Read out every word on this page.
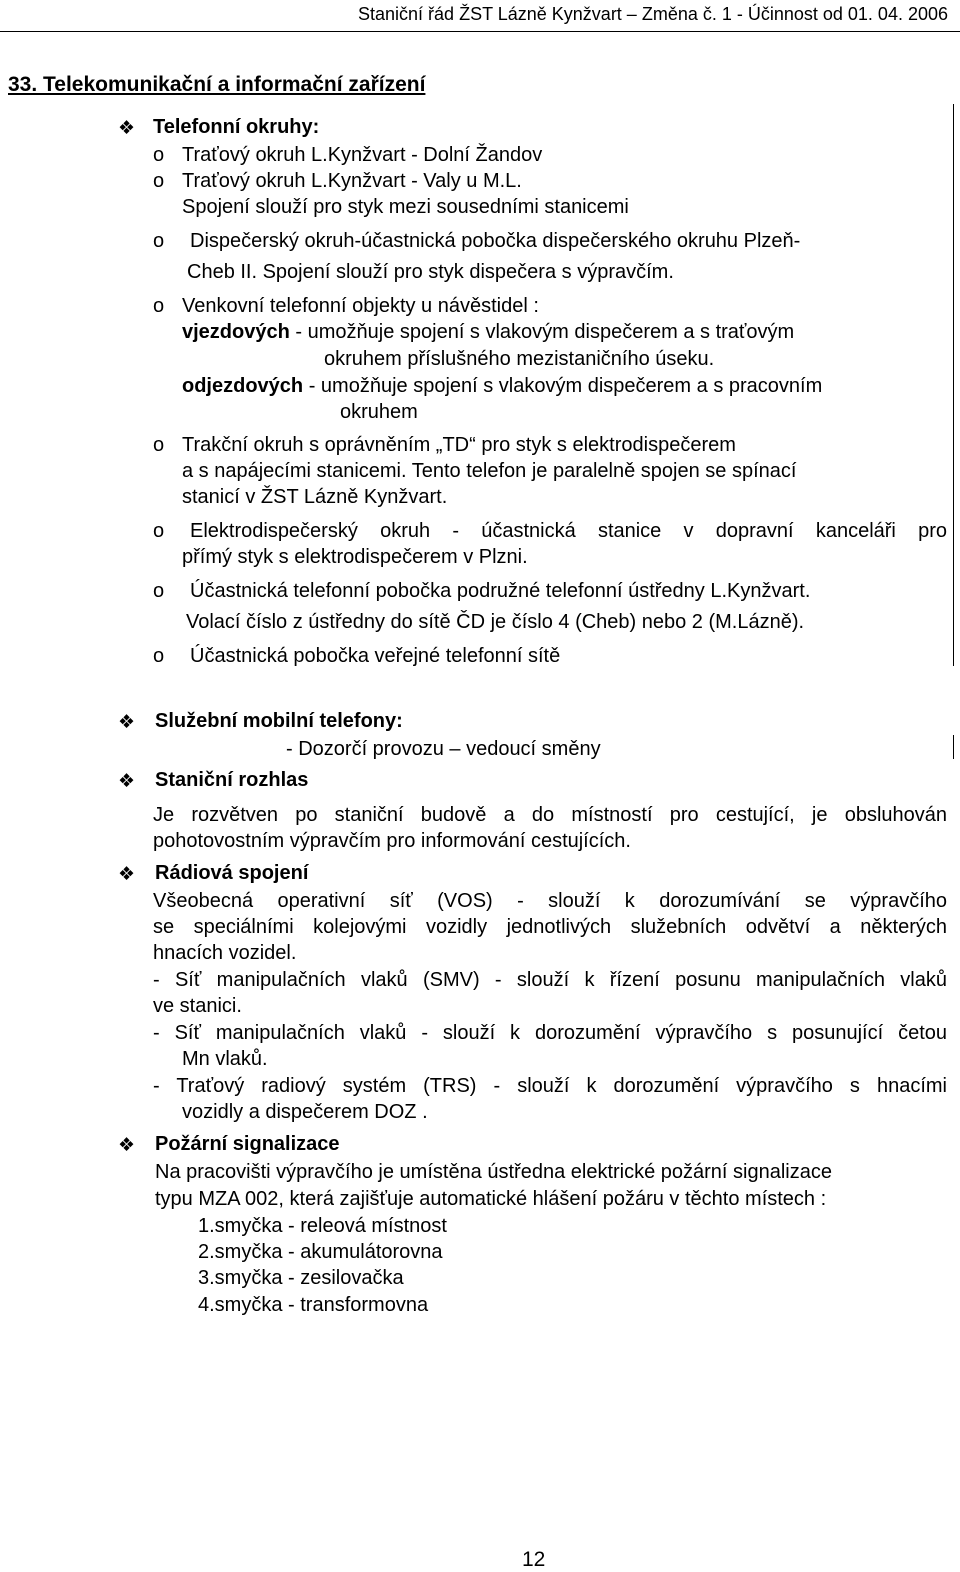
Staniční řád ŽST Lázně Kynžvart – Změna č. 1 - Účinnost od 01. 04. 2006
33. Telekomunikační a informační zařízení
❖ Telefonní okruhy:
o Traťový okruh L.Kynžvart - Dolní Žandov
o Traťový okruh L.Kynžvart - Valy u M.L.
Spojení slouží pro styk mezi sousedními stanicemi
o Dispečerský okruh-účastnická pobočka dispečerského okruhu Plzeň-
Cheb II. Spojení slouží pro styk dispečera s výpravčím.
o Venkovní telefonní objekty u návěstidel :
vjezdových - umožňuje spojení s vlakovým dispečerem a s traťovým
okruhem příslušného mezistaničního úseku.
odjezdových - umožňuje spojení s vlakovým dispečerem a s pracovním
okruhem
o Trakční okruh s oprávněním „TD“ pro styk s elektrodispečerem
a s napájecími stanicemi. Tento telefon je paralelně spojen se spínací
stanicí v ŽST Lázně Kynžvart.
o Elektrodispečerský okruh - účastnická stanice v dopravní kanceláři pro
přímý styk s elektrodispečerem v Plzni.
o Účastnická telefonní pobočka podružné telefonní ústředny L.Kynžvart.
Volací číslo z ústředny do sítě ČD je číslo 4 (Cheb) nebo 2 (M.Lázně).
o Účastnická pobočka veřejné telefonní sítě
❖ Služební mobilní telefony:
- Dozorčí provozu – vedoucí směny
❖ Staniční rozhlas
Je rozvětven po staniční budově a do místností pro cestující, je obsluhován
pohotovostním výpravčím pro informování cestujících.
❖ Rádiová spojení
Všeobecná operativní síť (VOS) - slouží k dorozumívání se výpravčího
se speciálními kolejovými vozidly jednotlivých služebních odvětví a některých
hnacích vozidel.
- Síť manipulačních vlaků (SMV) - slouží k řízení posunu manipulačních vlaků
ve stanici.
- Síť manipulačních vlaků - slouží k dorozumění výpravčího s posunující četou
Mn vlaků.
- Traťový radiový systém (TRS) - slouží k dorozumění výpravčího s hnacími
vozidly a dispečerem DOZ .
❖ Požární signalizace
Na pracovišti výpravčího je umístěna ústředna elektrické požární signalizace
typu MZA 002, která zajišťuje automatické hlášení požáru v těchto místech :
1.smyčka - releová místnost
2.smyčka - akumulátorovna
3.smyčka - zesilovačka
4.smyčka - transformovna
12
